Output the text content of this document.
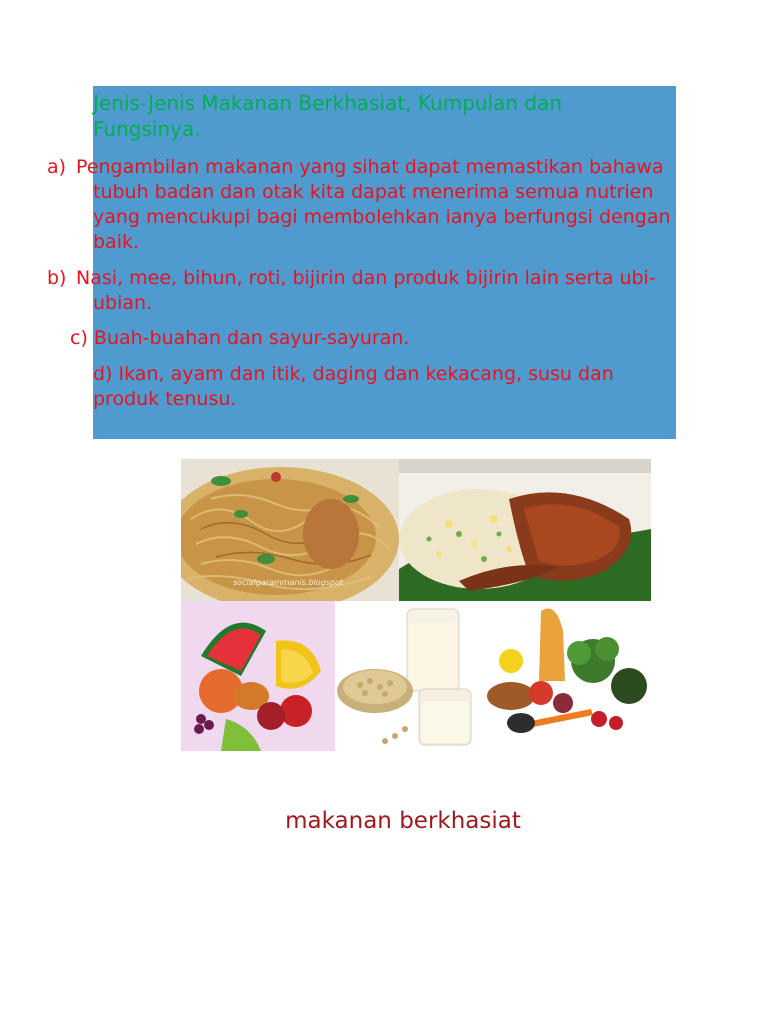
Jenis-Jenis Makanan Berkhasiat, Kumpulan dan Fungsinya.

a) Pengambilan makanan yang sihat dapat memastikan bahawa tubuh badan dan otak kita dapat menerima semua nutrien yang mencukupi bagi membolehkan ianya berfungsi dengan baik.

b) Nasi, mee, bihun, roti, bijirin dan produk bijirin lain serta ubi-ubian.

c) Buah-buahan dan sayur-sayuran.

d) Ikan, ayam dan itik, daging dan kekacang, susu dan produk tenusu.

socialgarammanis.blogspot
makanan berkhasiat
